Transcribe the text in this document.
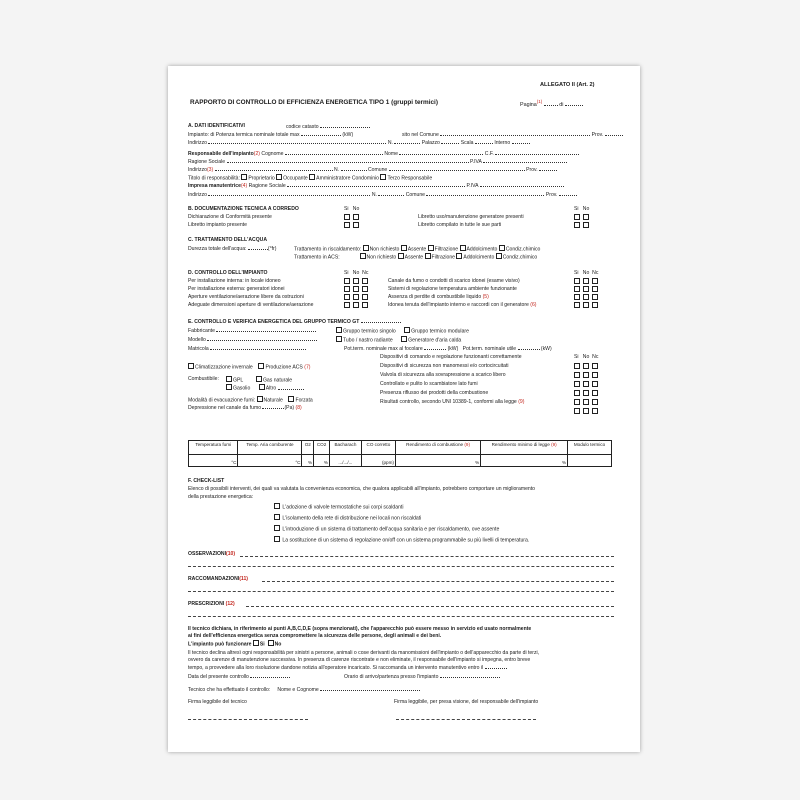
ALLEGATO II (Art. 2)
RAPPORTO DI CONTROLLO DI EFFICIENZA ENERGETICA TIPO 1 (gruppi termici)	Pagina$^{(1)}$  di
A. DATI IDENTIFICATIVI	codice catasto
Impianto: di Potenza termica nominale totale max	(kW)	sito nel Comune	Prov.
Indirizzo	N.	Palazzo	Scala	Interno
Responsabile dell'impianto(2) Cognome	Nome	C.F.
Ragione Sociale	P.IVA
Indirizzo(3)	N.	Comune	Prov.
Titolo di responsabilità: Proprietario Occupante Amministratore Condominio Terzo Responsabile
Impresa manutentrice(4) Ragione Sociale	P.IVA
Indirizzo	N.	Comune	Prov.
B. DOCUMENTAZIONE TECNICA A CORREDO	Si No	Si No
Dichiarazione di Conformità presente
Libretto impianto presente
Libretto uso/manutenzione generatore presenti
Libretto compilato in tutte le sue parti
C. TRATTAMENTO DELL'ACQUA
Durezza totale dell'acqua:	(°fr)	Trattamento in riscaldamento: Non richiesto Assente Filtrazione Addolcimento Condiz.chimico
Trattamento in ACS:	Non richiesto Assente Filtrazione Addolcimento Condiz.chimico
D. CONTROLLO DELL'IMPIANTO	Si No Nc	Si No Nc
Per installazione interna: in locale idoneo
Per installazione esterna: generatori idonei
Aperture ventilazione/aerazione libere da ostruzioni
Adeguate dimensioni aperture di ventilazione/aerazione
Canale da fumo o condotti di scarico idonei (esame visivo)
Sistemi di regolazione temperatura ambiente funzionante
Assenza di perdite di combustibile liquido (5)
Idonea tenuta dell'impianto interno e raccordi con il generatore (6)
E. CONTROLLO E VERIFICA ENERGETICA DEL GRUPPO TERMICO GT
Fabbricante	Gruppo termico singolo	Gruppo termico modulare
Modello	Tubo / nastro radiante	Generatore d'aria calda
Matricola	Pot.term. nominale max al focolare	(kW) Pot.term. nominale utile	(kW)
Si No Nc
Climatizzazione invernale Produzione ACS (7)
Combustibile:	GPL	Gas naturale
Gasolio	Altro
Modalità di evacuazione fumi: Naturale Forzata
Depressione nel canale da fumo	(Pa) (8)
Dispositivi di comando e regolazione funzionanti correttamente
Dispositivi di sicurezza non manomessi e/o cortocircuitati
Valvola di sicurezza alla sovrapressione a scarico libero
Controllato e pulito lo scambiatore lato fumi
Presenza riflusso dei prodotti della combustione
Risultati controllo, secondo UNI 10389-1, conformi alla legge (9)
Temperatura fumi	Temp. Aria comburente	O2	CO2	Bacharach	CO corretto	Rendimento di combustione (9)	Rendimento minimo di legge (9)	Modulo termico
°C	°C	%	%	.../.../...	(ppm)	%	%	
F. CHECK-LIST
Elenco di possibili interventi, dei quali va valutata la convenienza economica, che qualora applicabili all'impianto, potrebbero comportare un miglioramento
della prestazione energetica:
L'adozione di valvole termostatiche sui corpi scaldanti
L'isolamento della rete di distribuzione nei locali non riscaldati
L'introduzione di un sistema di trattamento dell'acqua sanitaria e per riscaldamento, ove assente
La sostituzione di un sistema di regolazione on/off con un sistema programmabile su più livelli di temperatura.
OSSERVAZIONI(10)
RACCOMANDAZIONI(11)
PRESCRIZIONI (12)
Il tecnico dichiara, in riferimento ai punti A,B,C,D,E (sopra menzionati), che l'apparecchio può essere messo in servizio ed usato normalmente
ai fini dell'efficienza energetica senza compromettere la sicurezza delle persone, degli animali e dei beni.
L'impianto può funzionare Si No
Il tecnico declina altresì ogni responsabilità per sinistri a persone, animali o cose derivanti da manomissioni dell'impianto o dell'apparecchio da parte di terzi,
ovvero da carenze di manutenzione successiva. In presenza di carenze riscontrate e non eliminate, il responsabile dell'impianto si impegna, entro breve
tempo, a provvedere alla loro risoluzione dandone notizia all'operatore incaricato. Si raccomanda un intervento manutentivo entro il
Data del presente controllo	Orario di arrivo/partenza presso l'impianto
Tecnico che ha effettuato il controllo: Nome e Cognome
Firma leggibile del tecnico	Firma leggibile, per presa visione, del responsabile dell'impianto
